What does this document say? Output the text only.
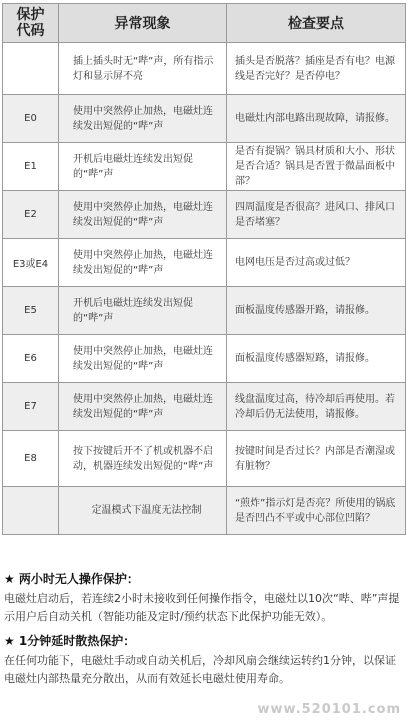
保护
代码	异常现象	检查要点
	插上插头时无“哔”声，所有指示灯和显示屏不亮	插头是否脱落？插座是否有电？电源线是否完好？是否停电？
E0	使用中突然停止加热，电磁灶连续发出短促的“哔”声	电磁灶内部电路出现故障，请报修。
E1	开机后电磁灶连续发出短促的“哔”声	是否有提锅？锅具材质和大小、形状是否合适？锅具是否置于微晶面板中部？
E2	使用中突然停止加热，电磁灶连续发出短促的“哔”声	四周温度是否很高？进风口、排风口是否堵塞？
E3或E4	使用中突然停止加热，电磁灶连续发出短促的“哔”声	电网电压是否过高或过低？
E5	开机后电磁灶连续发出短促的“哔”声	面板温度传感器开路，请报修。
E6	使用中突然停止加热，电磁灶连续发出短促的“哔”声	面板温度传感器短路，请报修。
E7	使用中突然停止加热，电磁灶连续发出短促的“哔”声	线盘温度过高，待冷却后再使用。若冷却后仍无法使用，请报修。
E8	按下按键后开不了机或机器不启动，机器连续发出短促的“哔”声	按键时间是否过长？内部是否潮湿或有脏物？
	定温模式下温度无法控制	“煎炸”指示灯是否亮？所使用的锅底是否凹凸不平或中心部位凹陷？

★ 两小时无人操作保护：

电磁灶启动后，若连续2小时未接收到任何操作指令，电磁灶以10次“哔、哔”声提示用户后自动关机（智能功能及定时/预约状态下此保护功能无效）。

★ 1分钟延时散热保护：

在任何功能下，电磁灶手动或自动关机后，冷却风扇会继续运转约1分钟，以保证电磁灶内部热量充分散出，从而有效延长电磁灶使用寿命。

www.520101.com
